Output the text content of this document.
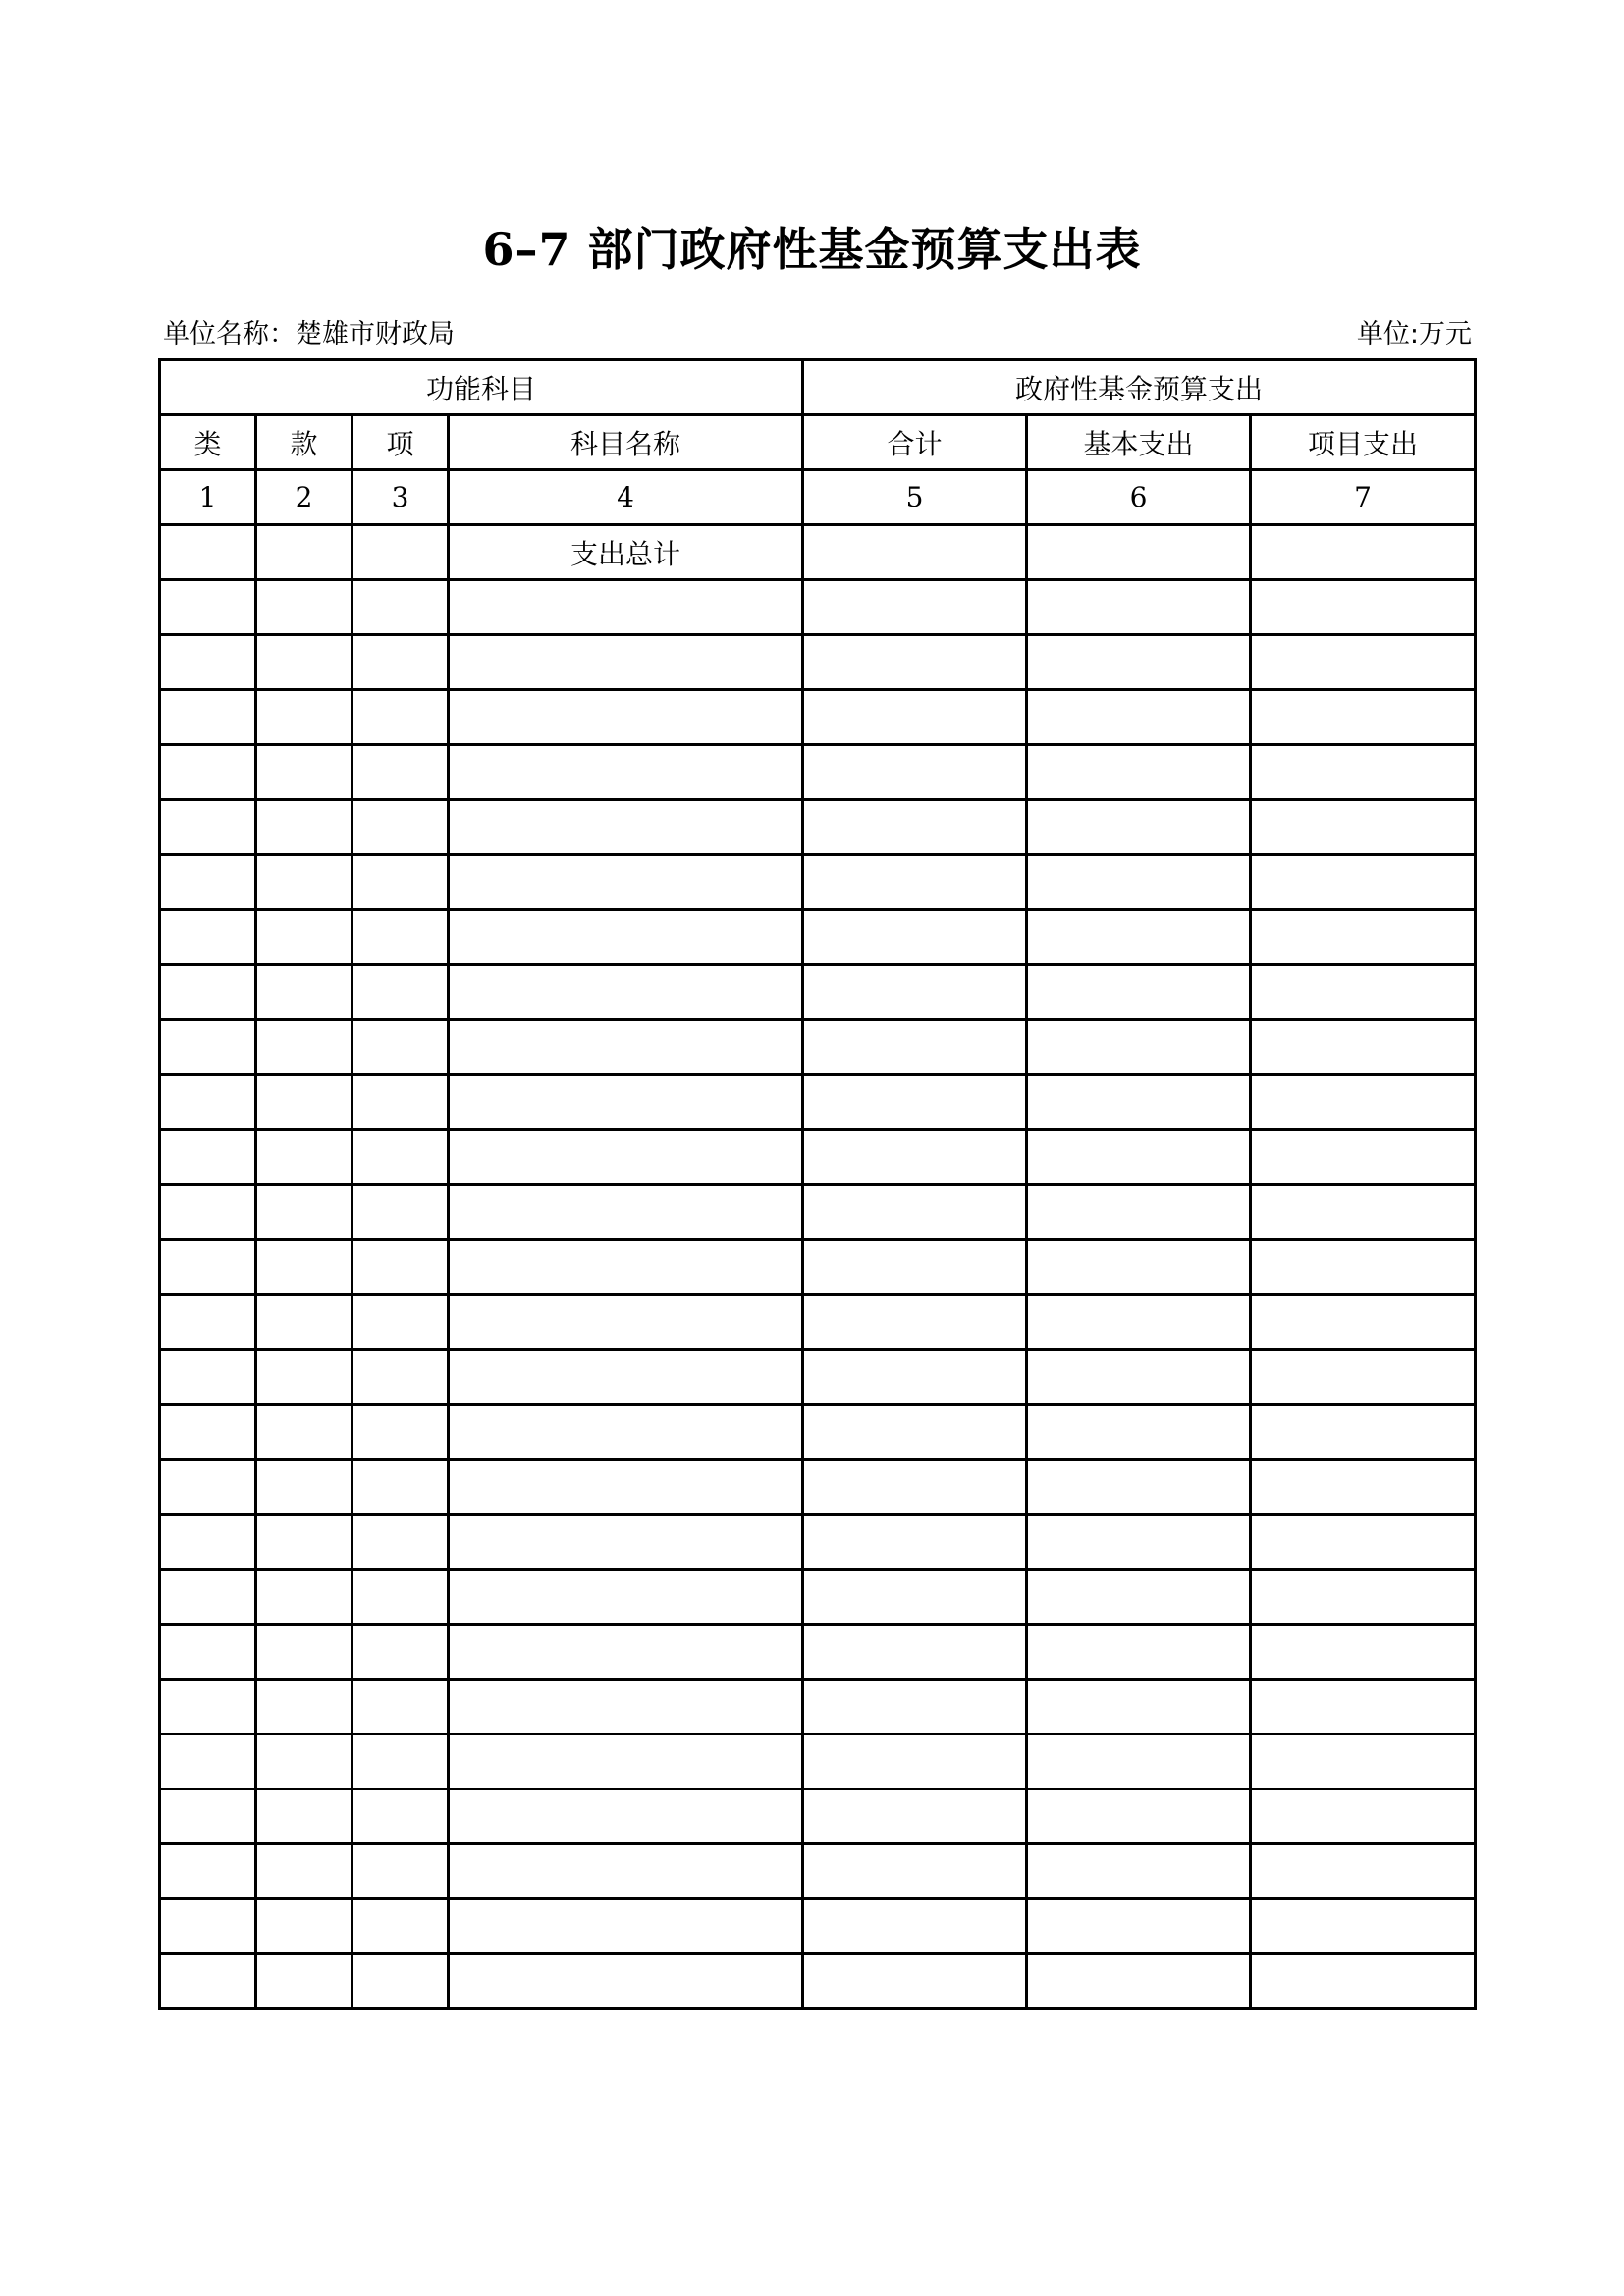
6–7 部门政府性基金预算支出表
单位名称：楚雄市财政局	单位:万元
功能科目				政府性基金预算支出		
类	款	项	科目名称	合计	基本支出	项目支出
1	2	3	4	5	6	7
			支出总计			
